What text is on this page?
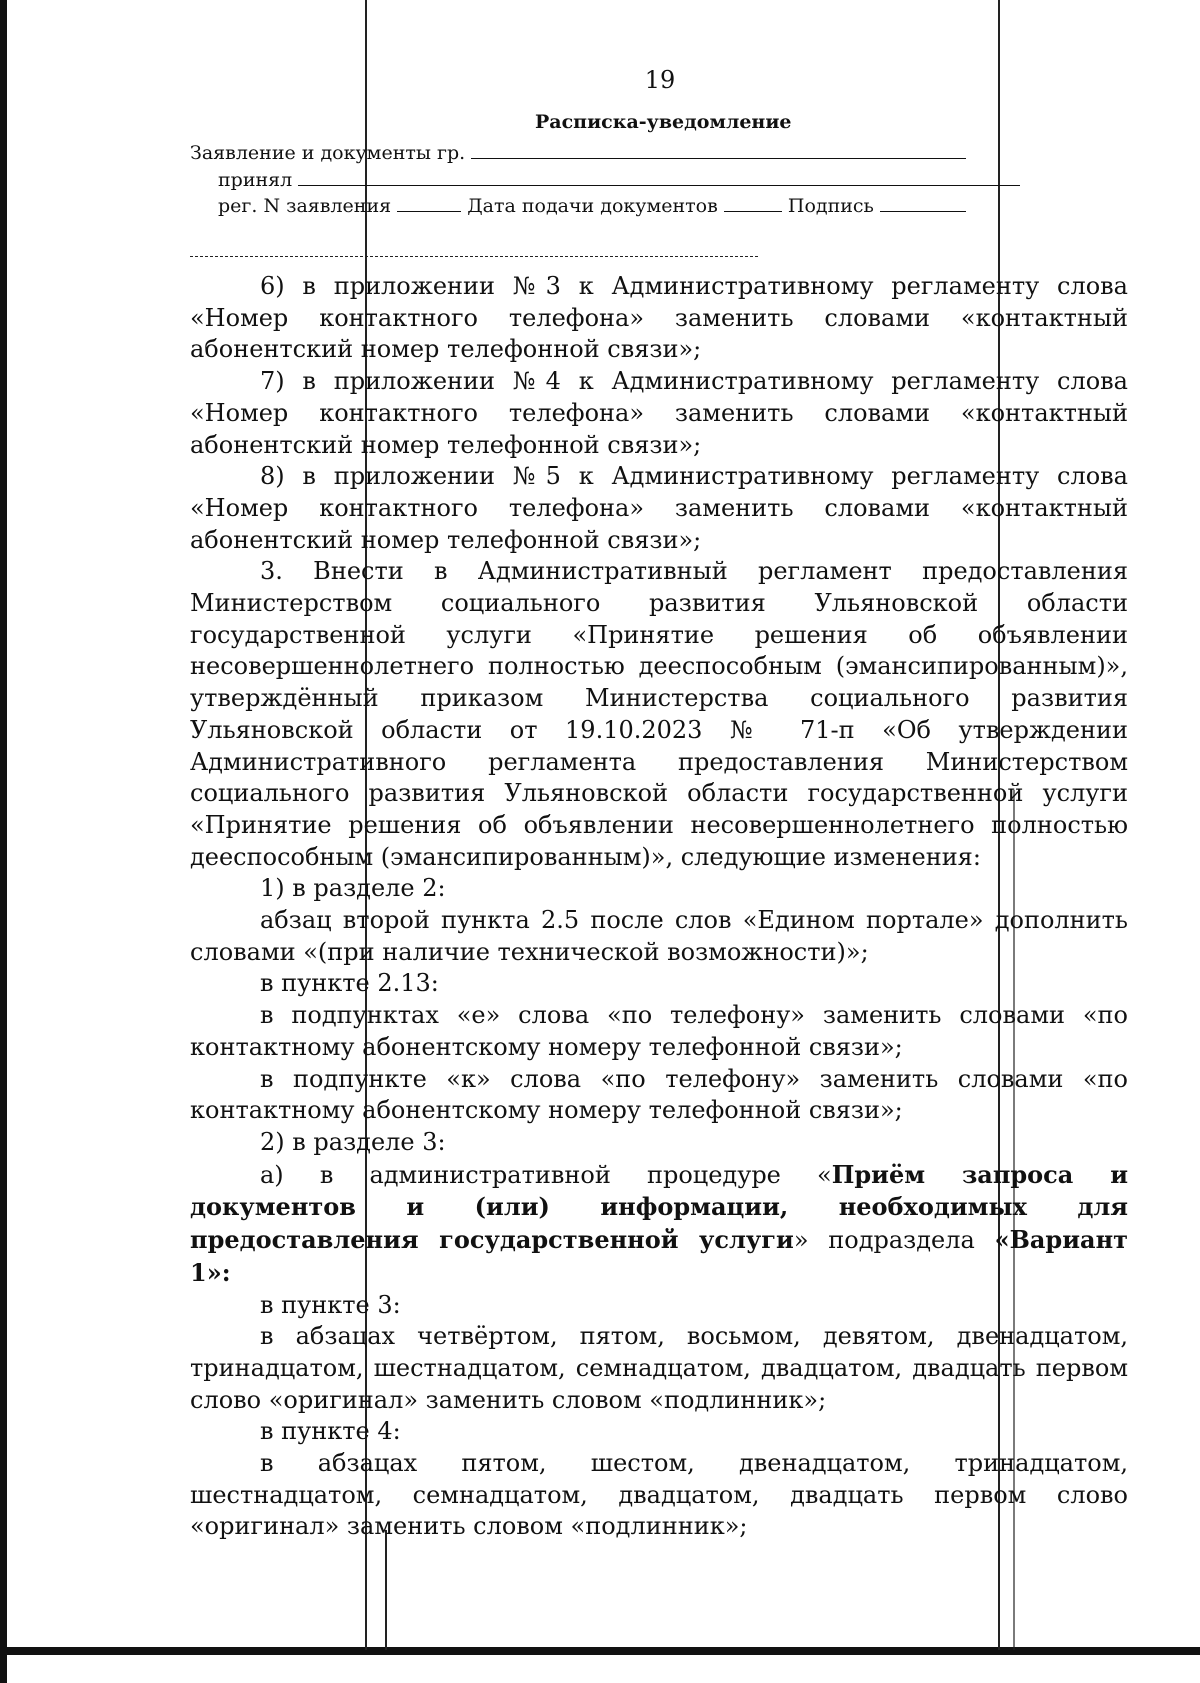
19
Расписка-уведомление
Заявление и документы гр.
принял
рег. N заявления	Дата подачи документов	Подпись

6) в приложении №3 к Административному регламенту слова «Номер контактного телефона» заменить словами «контактный абонентский номер телефонной связи»;

7) в приложении №4 к Административному регламенту слова «Номер контактного телефона» заменить словами «контактный абонентский номер телефонной связи»;

8) в приложении №5 к Административному регламенту слова «Номер контактного телефона» заменить словами «контактный абонентский номер телефонной связи»;

3. Внести в Административный регламент предоставления Министерством социального развития Ульяновской области государственной услуги «Принятие решения об объявлении несовершеннолетнего полностью дееспособным (эмансипированным)», утверждённый приказом Министерства социального развития Ульяновской области от 19.10.2023 № 71-п «Об утверждении Административного регламента предоставления Министерством социального развития Ульяновской области государственной услуги «Принятие решения об объявлении несовершеннолетнего полностью дееспособным (эмансипированным)», следующие изменения:

1) в разделе 2:

абзац второй пункта 2.5 после слов «Едином портале» дополнить словами «(при наличие технической возможности)»;

в пункте 2.13:

в подпунктах «е» слова «по телефону» заменить словами «по контактному абонентскому номеру телефонной связи»;

в подпункте «к» слова «по телефону» заменить словами «по контактному абонентскому номеру телефонной связи»;

2) в разделе 3:

а) в административной процедуре «Приём запроса и документов и (или) информации, необходимых для предоставления государственной услуги» подраздела «Вариант 1»:

в пункте 3:

в абзацах четвёртом, пятом, восьмом, девятом, двенадцатом, тринадцатом, шестнадцатом, семнадцатом, двадцатом, двадцать первом слово «оригинал» заменить словом «подлинник»;

в пункте 4:

в абзацах пятом, шестом, двенадцатом, тринадцатом, шестнадцатом, семнадцатом, двадцатом, двадцать первом слово «оригинал» заменить словом «подлинник»;
